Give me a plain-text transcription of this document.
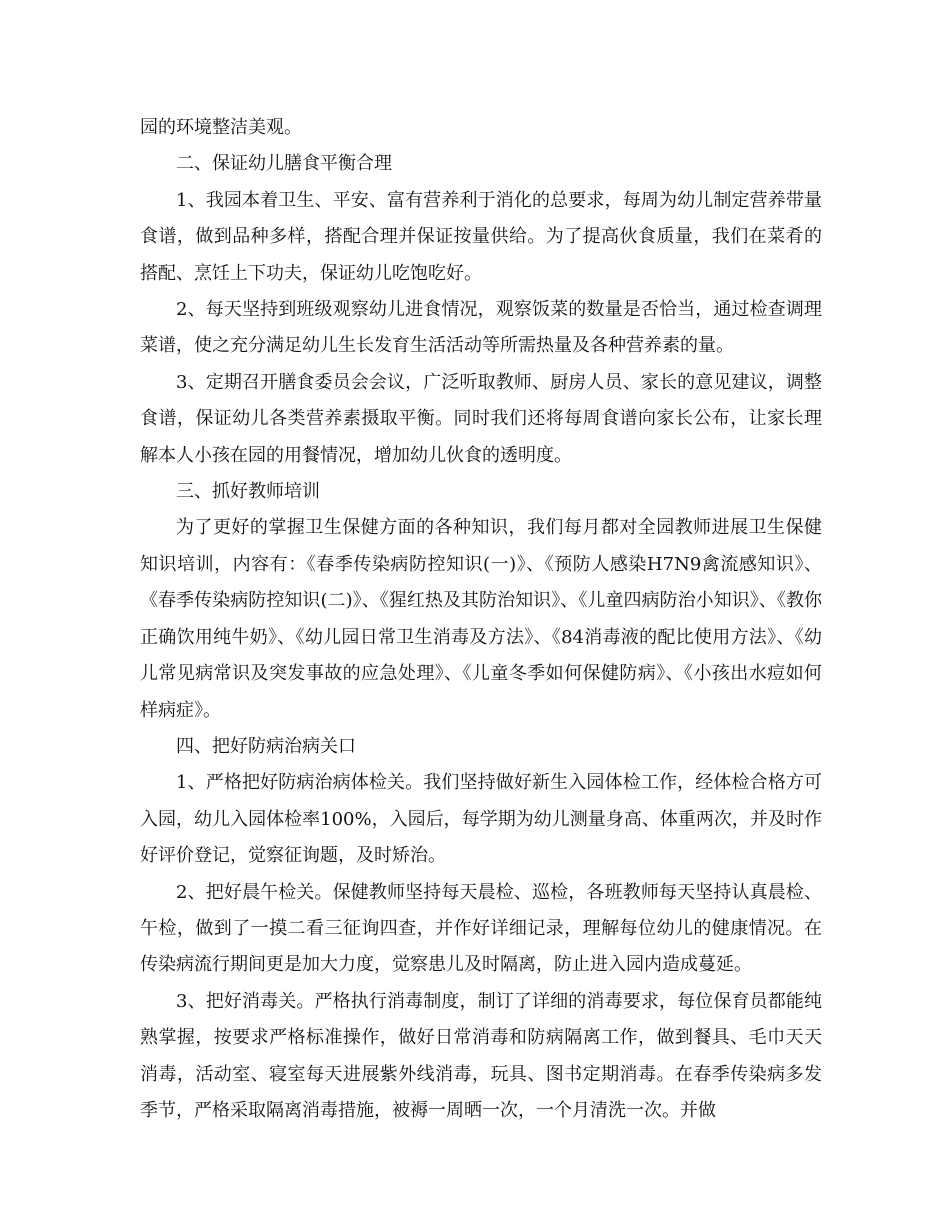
园的环境整洁美观。

二、保证幼儿膳食平衡合理

1、我园本着卫生、平安、富有营养利于消化的总要求，每周为幼儿制定营养带量食谱，做到品种多样，搭配合理并保证按量供给。为了提高伙食质量，我们在菜肴的搭配、烹饪上下功夫，保证幼儿吃饱吃好。

2、每天坚持到班级观察幼儿进食情况，观察饭菜的数量是否恰当，通过检查调理菜谱，使之充分满足幼儿生长发育生活活动等所需热量及各种营养素的量。

3、定期召开膳食委员会会议，广泛听取教师、厨房人员、家长的意见建议，调整食谱，保证幼儿各类营养素摄取平衡。同时我们还将每周食谱向家长公布，让家长理解本人小孩在园的用餐情况，增加幼儿伙食的透明度。

三、抓好教师培训

为了更好的掌握卫生保健方面的各种知识，我们每月都对全园教师进展卫生保健知识培训，内容有：《春季传染病防控知识(一)》、《预防人感染H7N9禽流感知识》、《春季传染病防控知识(二)》、《猩红热及其防治知识》、《儿童四病防治小知识》、《教你正确饮用纯牛奶》、《幼儿园日常卫生消毒及方法》、《84消毒液的配比使用方法》、《幼儿常见病常识及突发事故的应急处理》、《儿童冬季如何保健防病》、《小孩出水痘如何样病症》。

四、把好防病治病关口

1、严格把好防病治病体检关。我们坚持做好新生入园体检工作，经体检合格方可入园，幼儿入园体检率100%，入园后，每学期为幼儿测量身高、体重两次，并及时作好评价登记，觉察征询题，及时矫治。

2、把好晨午检关。保健教师坚持每天晨检、巡检，各班教师每天坚持认真晨检、午检，做到了一摸二看三征询四查，并作好详细记录，理解每位幼儿的健康情况。在传染病流行期间更是加大力度，觉察患儿及时隔离，防止进入园内造成蔓延。

3、把好消毒关。严格执行消毒制度，制订了详细的消毒要求，每位保育员都能纯熟掌握，按要求严格标准操作，做好日常消毒和防病隔离工作，做到餐具、毛巾天天消毒，活动室、寝室每天进展紫外线消毒，玩具、图书定期消毒。在春季传染病多发季节，严格采取隔离消毒措施，被褥一周晒一次，一个月清洗一次。并做
